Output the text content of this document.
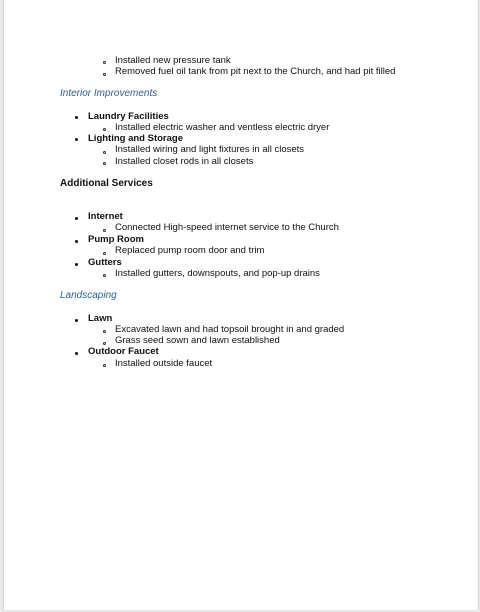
Installed new pressure tank
Removed fuel oil tank from pit next to the Church, and had pit filled
Interior Improvements
Laundry Facilities
Installed electric washer and ventless electric dryer
Lighting and Storage
Installed wiring and light fixtures in all closets
Installed closet rods in all closets
Additional Services
Internet
Connected High-speed internet service to the Church
Pump Room
Replaced pump room door and trim
Gutters
Installed gutters, downspouts, and pop-up drains
Landscaping
Lawn
Excavated lawn and had topsoil brought in and graded
Grass seed sown and lawn established
Outdoor Faucet
Installed outside faucet
